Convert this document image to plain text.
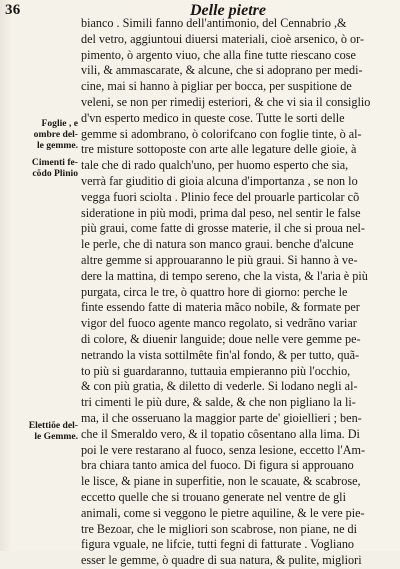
36	Delle pietre
Foglie , e
ombre del-
le gemme.
Cimenti fe-
cõdo Plinio
Elettiõe del-
le Gemme.
bianco . Simili fanno dell'antimonio, del Cennabrio ,&
del vetro, aggiuntoui diuersi materiali, cioè arsenico, ò or-
pimento, ò argento viuo, che alla fine tutte riescano cose
vili, & ammascarate, & alcune, che si adoprano per medi-
cine, mai si hanno à pigliar per bocca, per suspitione de
veleni, se non per rimedij esteriori, & che vi sia il consiglio
d'vn esperto medico in queste cose. Tutte le sorti delle
gemme si adombrano, ò colorifcano con foglie tinte, ò al-
tre misture sottoposte con arte alle legature delle gioie, à
tale che di rado qualch'uno, per huomo esperto che sia,
verrà far giuditio di gioia alcuna d'importanza , se non lo
vegga fuori sciolta . Plinio fece del prouarle particolar cõ
sideratione in più modi, prima dal peso, nel sentir le false
più graui, come fatte di grosse materie, il che si proua nel-
le perle, che di natura son manco graui. benche d'alcune
altre gemme si approuaranno le più graui. Si hanno à ve-
dere la mattina, di tempo sereno, che la vista, & l'aria è più
purgata, circa le tre, ò quattro hore di giorno: perche le
finte essendo fatte di materia mãco nobile, & formate per
vigor del fuoco agente manco regolato, si vedrãno variar
di colore, & diuenir languide; doue nelle vere gemme pe-
netrando la vista sottilmête fin'al fondo, & per tutto, quã-
to più si guardaranno, tuttauia empieranno più l'occhio,
& con più gratia, & diletto di vederle. Si lodano negli al-
tri cimenti le più dure, & salde, & che non pigliano la li-
ma, il che osseruano la maggior parte de' gioiellieri ; ben-
che il Smeraldo vero, & il topatio côsentano alla lima. Di
poi le vere restarano al fuoco, senza lesione, eccetto l'Am-
bra chiara tanto amica del fuoco. Di figura si approuano
le lisce, & piane in superfitie, non le scauate, & scabrose,
eccetto quelle che si trouano generate nel ventre de gli
animali, come si veggono le pietre aquiline, & le vere pie-
tre Bezoar, che le migliori son scabrose, non piane, ne di
figura vguale, ne lifcie, tutti fegni di fatturate . Vogliano
esser le gemme, ò quadre di sua natura, & pulite, migliori
